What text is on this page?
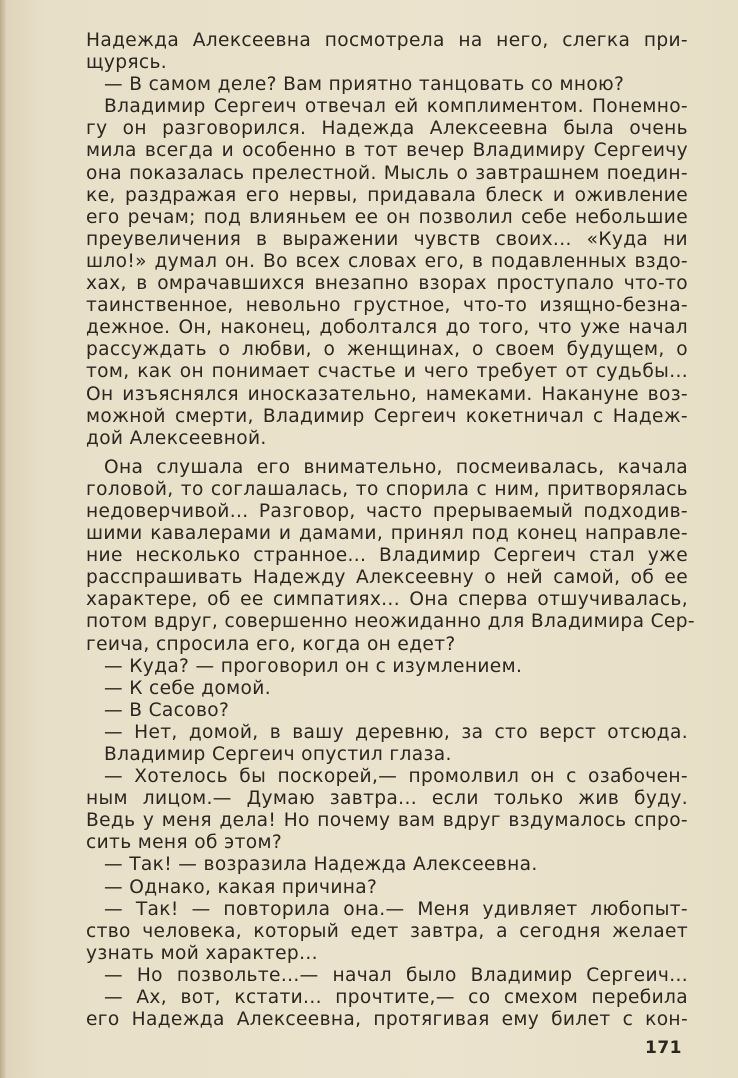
Надежда Алексеевна посмотрела на него, слегка при-
щурясь.
— В самом деле? Вам приятно танцовать со мною?
Владимир Сергеич отвечал ей комплиментом. Понемно-
гу он разговорился. Надежда Алексеевна была очень
мила всегда и особенно в тот вечер Владимиру Сергеичу
она показалась прелестной. Мысль о завтрашнем поедин-
ке, раздражая его нервы, придавала блеск и оживление
его речам; под влияньем ее он позволил себе небольшие
преувеличения в выражении чувств своих... «Куда ни
шло!» думал он. Во всех словах его, в подавленных вздо-
хах, в омрачавшихся внезапно взорах проступало что-то
таинственное, невольно грустное, что-то изящно-безна-
дежное. Он, наконец, доболтался до того, что уже начал
рассуждать о любви, о женщинах, о своем будущем, о
том, как он понимает счастье и чего требует от судьбы...
Он изъяснялся иносказательно, намеками. Накануне воз-
можной смерти, Владимир Сергеич кокетничал с Надеж-
дой Алексеевной.
Она слушала его внимательно, посмеивалась, качала
головой, то соглашалась, то спорила с ним, притворялась
недоверчивой... Разговор, часто прерываемый подходив-
шими кавалерами и дамами, принял под конец направле-
ние несколько странное... Владимир Сергеич стал уже
расспрашивать Надежду Алексеевну о ней самой, об ее
характере, об ее симпатиях... Она сперва отшучивалась,
потом вдруг, совершенно неожиданно для Владимира Сер-
геича, спросила его, когда он едет?
— Куда? — проговорил он с изумлением.
— К себе домой.
— В Сасово?
— Нет, домой, в вашу деревню, за сто верст отсюда.
Владимир Сергеич опустил глаза.
— Хотелось бы поскорей,— промолвил он с озабочен-
ным лицом.— Думаю завтра... если только жив буду.
Ведь у меня дела! Но почему вам вдруг вздумалось спро-
сить меня об этом?
— Так! — возразила Надежда Алексеевна.
— Однако, какая причина?
— Так! — повторила она.— Меня удивляет любопыт-
ство человека, который едет завтра, а сегодня желает
узнать мой характер...
— Но позвольте...— начал было Владимир Сергеич...
— Ах, вот, кстати... прочтите,— со смехом перебила
его Надежда Алексеевна, протягивая ему билет с кон-
171
